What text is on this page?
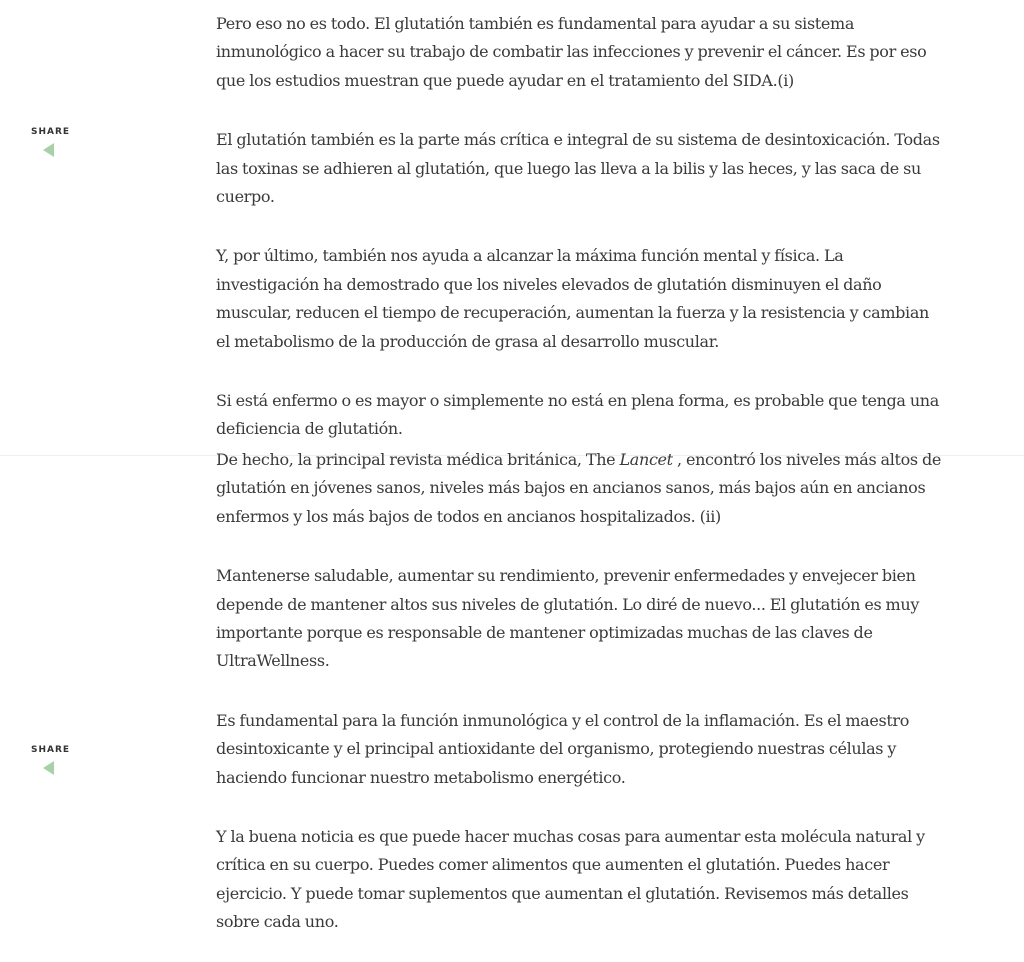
SHARE
SHARE

Pero eso no es todo. El glutatión también es fundamental para ayudar a su sistema inmunológico a hacer su trabajo de combatir las infecciones y prevenir el cáncer. Es por eso que los estudios muestran que puede ayudar en el tratamiento del SIDA.(i)

El glutatión también es la parte más crítica e integral de su sistema de desintoxicación. Todas las toxinas se adhieren al glutatión, que luego las lleva a la bilis y las heces, y las saca de su cuerpo.

Y, por último, también nos ayuda a alcanzar la máxima función mental y física. La investigación ha demostrado que los niveles elevados de glutatión disminuyen el daño muscular, reducen el tiempo de recuperación, aumentan la fuerza y la resistencia y cambian el metabolismo de la producción de grasa al desarrollo muscular.

Si está enfermo o es mayor o simplemente no está en plena forma, es probable que tenga una deficiencia de glutatión.

De hecho, la principal revista médica británica, The Lancet , encontró los niveles más altos de glutatión en jóvenes sanos, niveles más bajos en ancianos sanos, más bajos aún en ancianos enfermos y los más bajos de todos en ancianos hospitalizados. (ii)

Mantenerse saludable, aumentar su rendimiento, prevenir enfermedades y envejecer bien depende de mantener altos sus niveles de glutatión. Lo diré de nuevo... El glutatión es muy importante porque es responsable de mantener optimizadas muchas de las claves de UltraWellness.

Es fundamental para la función inmunológica y el control de la inflamación. Es el maestro desintoxicante y el principal antioxidante del organismo, protegiendo nuestras células y haciendo funcionar nuestro metabolismo energético.

Y la buena noticia es que puede hacer muchas cosas para aumentar esta molécula natural y crítica en su cuerpo. Puedes comer alimentos que aumenten el glutatión. Puedes hacer ejercicio. Y puede tomar suplementos que aumentan el glutatión. Revisemos más detalles sobre cada uno.
